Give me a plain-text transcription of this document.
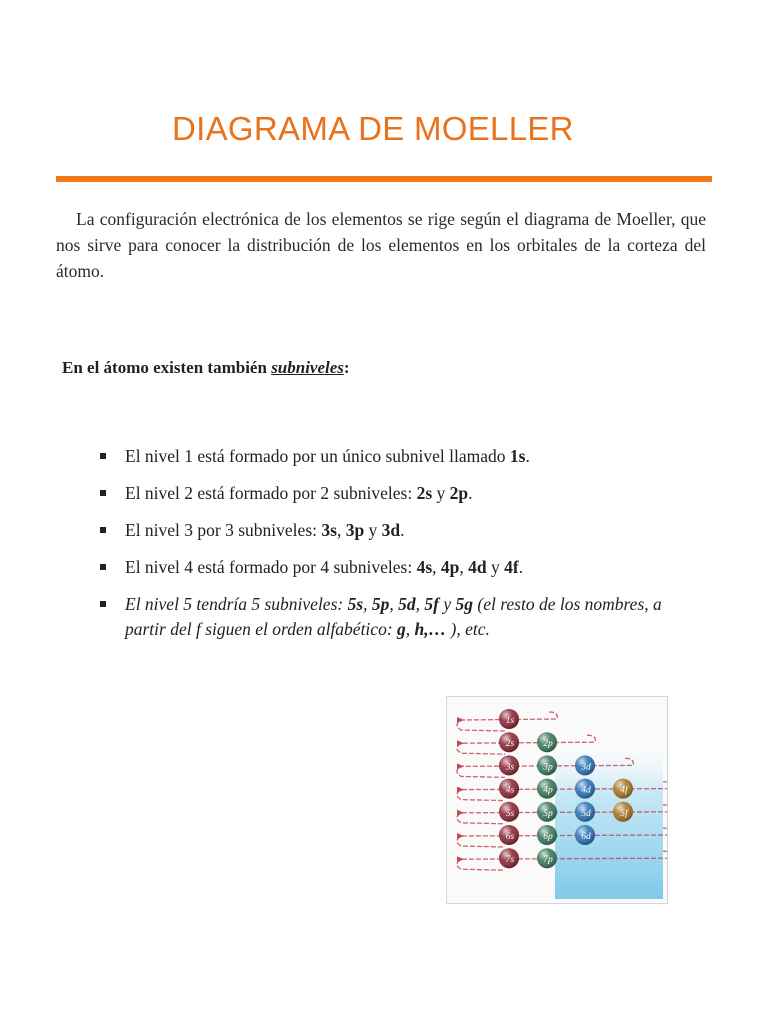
DIAGRAMA DE MOELLER

La configuración electrónica de los elementos se rige según el diagrama de Moeller, que nos sirve para conocer la distribución de los elementos en los orbitales de la corteza del átomo.

En el átomo existen también subniveles:

El nivel 1 está formado por un único subnivel llamado 1s.
El nivel 2 está formado por 2 subniveles: 2s y 2p.
El nivel 3 por 3 subniveles: 3s, 3p y 3d.
El nivel 4 está formado por 4 subniveles: 4s, 4p, 4d y 4f.
El nivel 5 tendría 5 subniveles: 5s, 5p, 5d, 5f y 5g (el resto de los nombres, a partir del f siguen el orden alfabético: g, h,… ), etc.
1s
2s
3s
4s
5s
6s
7s
2p
3p
4p
5p
6p
7p
3d
4d
5d
6d
4f
5f
